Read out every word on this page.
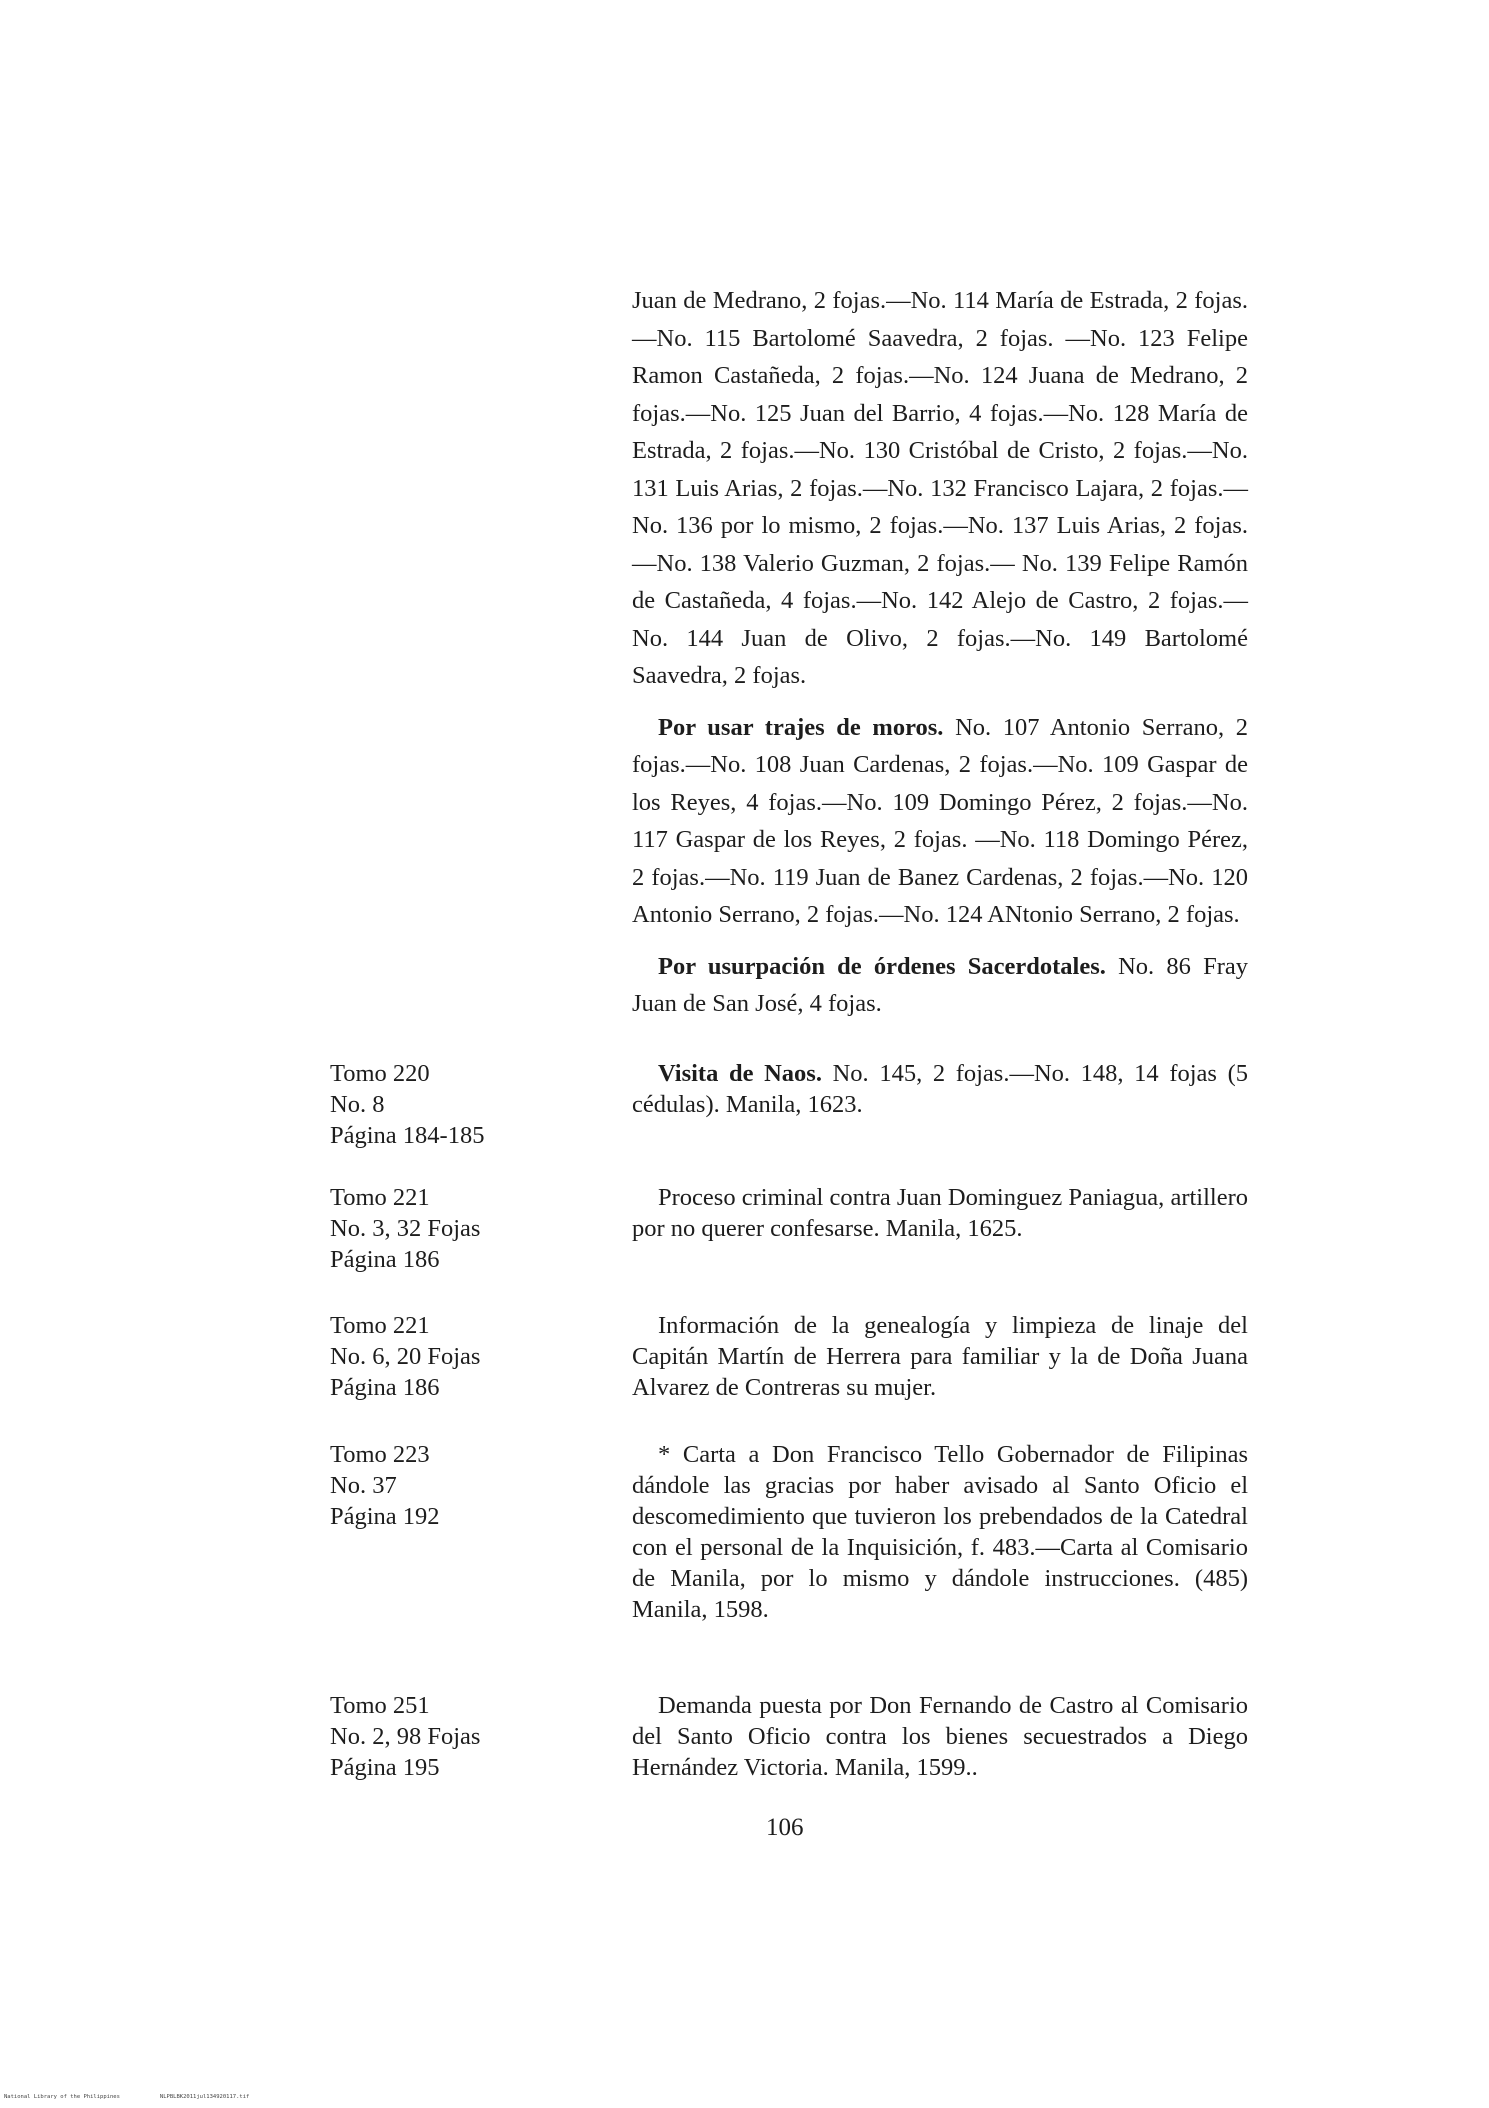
Juan de Medrano, 2 fojas.—No. 114 María de Estrada, 2 fojas.—No. 115 Bartolomé Saavedra, 2 fojas. —No. 123 Felipe Ramon Castañeda, 2 fojas.—No. 124 Juana de Medrano, 2 fojas.—No. 125 Juan del Barrio, 4 fojas.—No. 128 María de Estrada, 2 fojas.—No. 130 Cristóbal de Cristo, 2 fojas.—No. 131 Luis Arias, 2 fojas.—No. 132 Francisco Lajara, 2 fojas.—No. 136 por lo mismo, 2 fojas.—No. 137 Luis Arias, 2 fojas.—No. 138 Valerio Guzman, 2 fojas.— No. 139 Felipe Ramón de Castañeda, 4 fojas.—No. 142 Alejo de Castro, 2 fojas.—No. 144 Juan de Olivo, 2 fojas.—No. 149 Bartolomé Saavedra, 2 fojas.

Por usar trajes de moros. No. 107 Antonio Serrano, 2 fojas.—No. 108 Juan Cardenas, 2 fojas.—No. 109 Gaspar de los Reyes, 4 fojas.—No. 109 Domingo Pérez, 2 fojas.—No. 117 Gaspar de los Reyes, 2 fojas. —No. 118 Domingo Pérez, 2 fojas.—No. 119 Juan de Banez Cardenas, 2 fojas.—No. 120 Antonio Serrano, 2 fojas.—No. 124 ANtonio Serrano, 2 fojas.

Por usurpación de órdenes Sacerdotales. No. 86 Fray Juan de San José, 4 fojas.

Tomo 220
No. 8
Página 184-185

Visita de Naos. No. 145, 2 fojas.—No. 148, 14 fojas (5 cédulas). Manila, 1623.

Tomo 221
No. 3, 32 Fojas
Página 186

Proceso criminal contra Juan Dominguez Paniagua, artillero por no querer confesarse. Manila, 1625.

Tomo 221
No. 6, 20 Fojas
Página 186

Información de la genealogía y limpieza de linaje del Capitán Martín de Herrera para familiar y la de Doña Juana Alvarez de Contreras su mujer.

Tomo 223
No. 37
Página 192

* Carta a Don Francisco Tello Gobernador de Filipinas dándole las gracias por haber avisado al Santo Oficio el descomedimiento que tuvieron los prebendados de la Catedral con el personal de la Inquisición, f. 483.—Carta al Comisario de Manila, por lo mismo y dándole instrucciones. (485) Manila, 1598.

Tomo 251
No. 2, 98 Fojas
Página 195

Demanda puesta por Don Fernando de Castro al Comisario del Santo Oficio contra los bienes secuestrados a Diego Hernández Victoria. Manila, 1599..

106
National Library of the Philippines	NLPBLBK2011jul134920117.tif
